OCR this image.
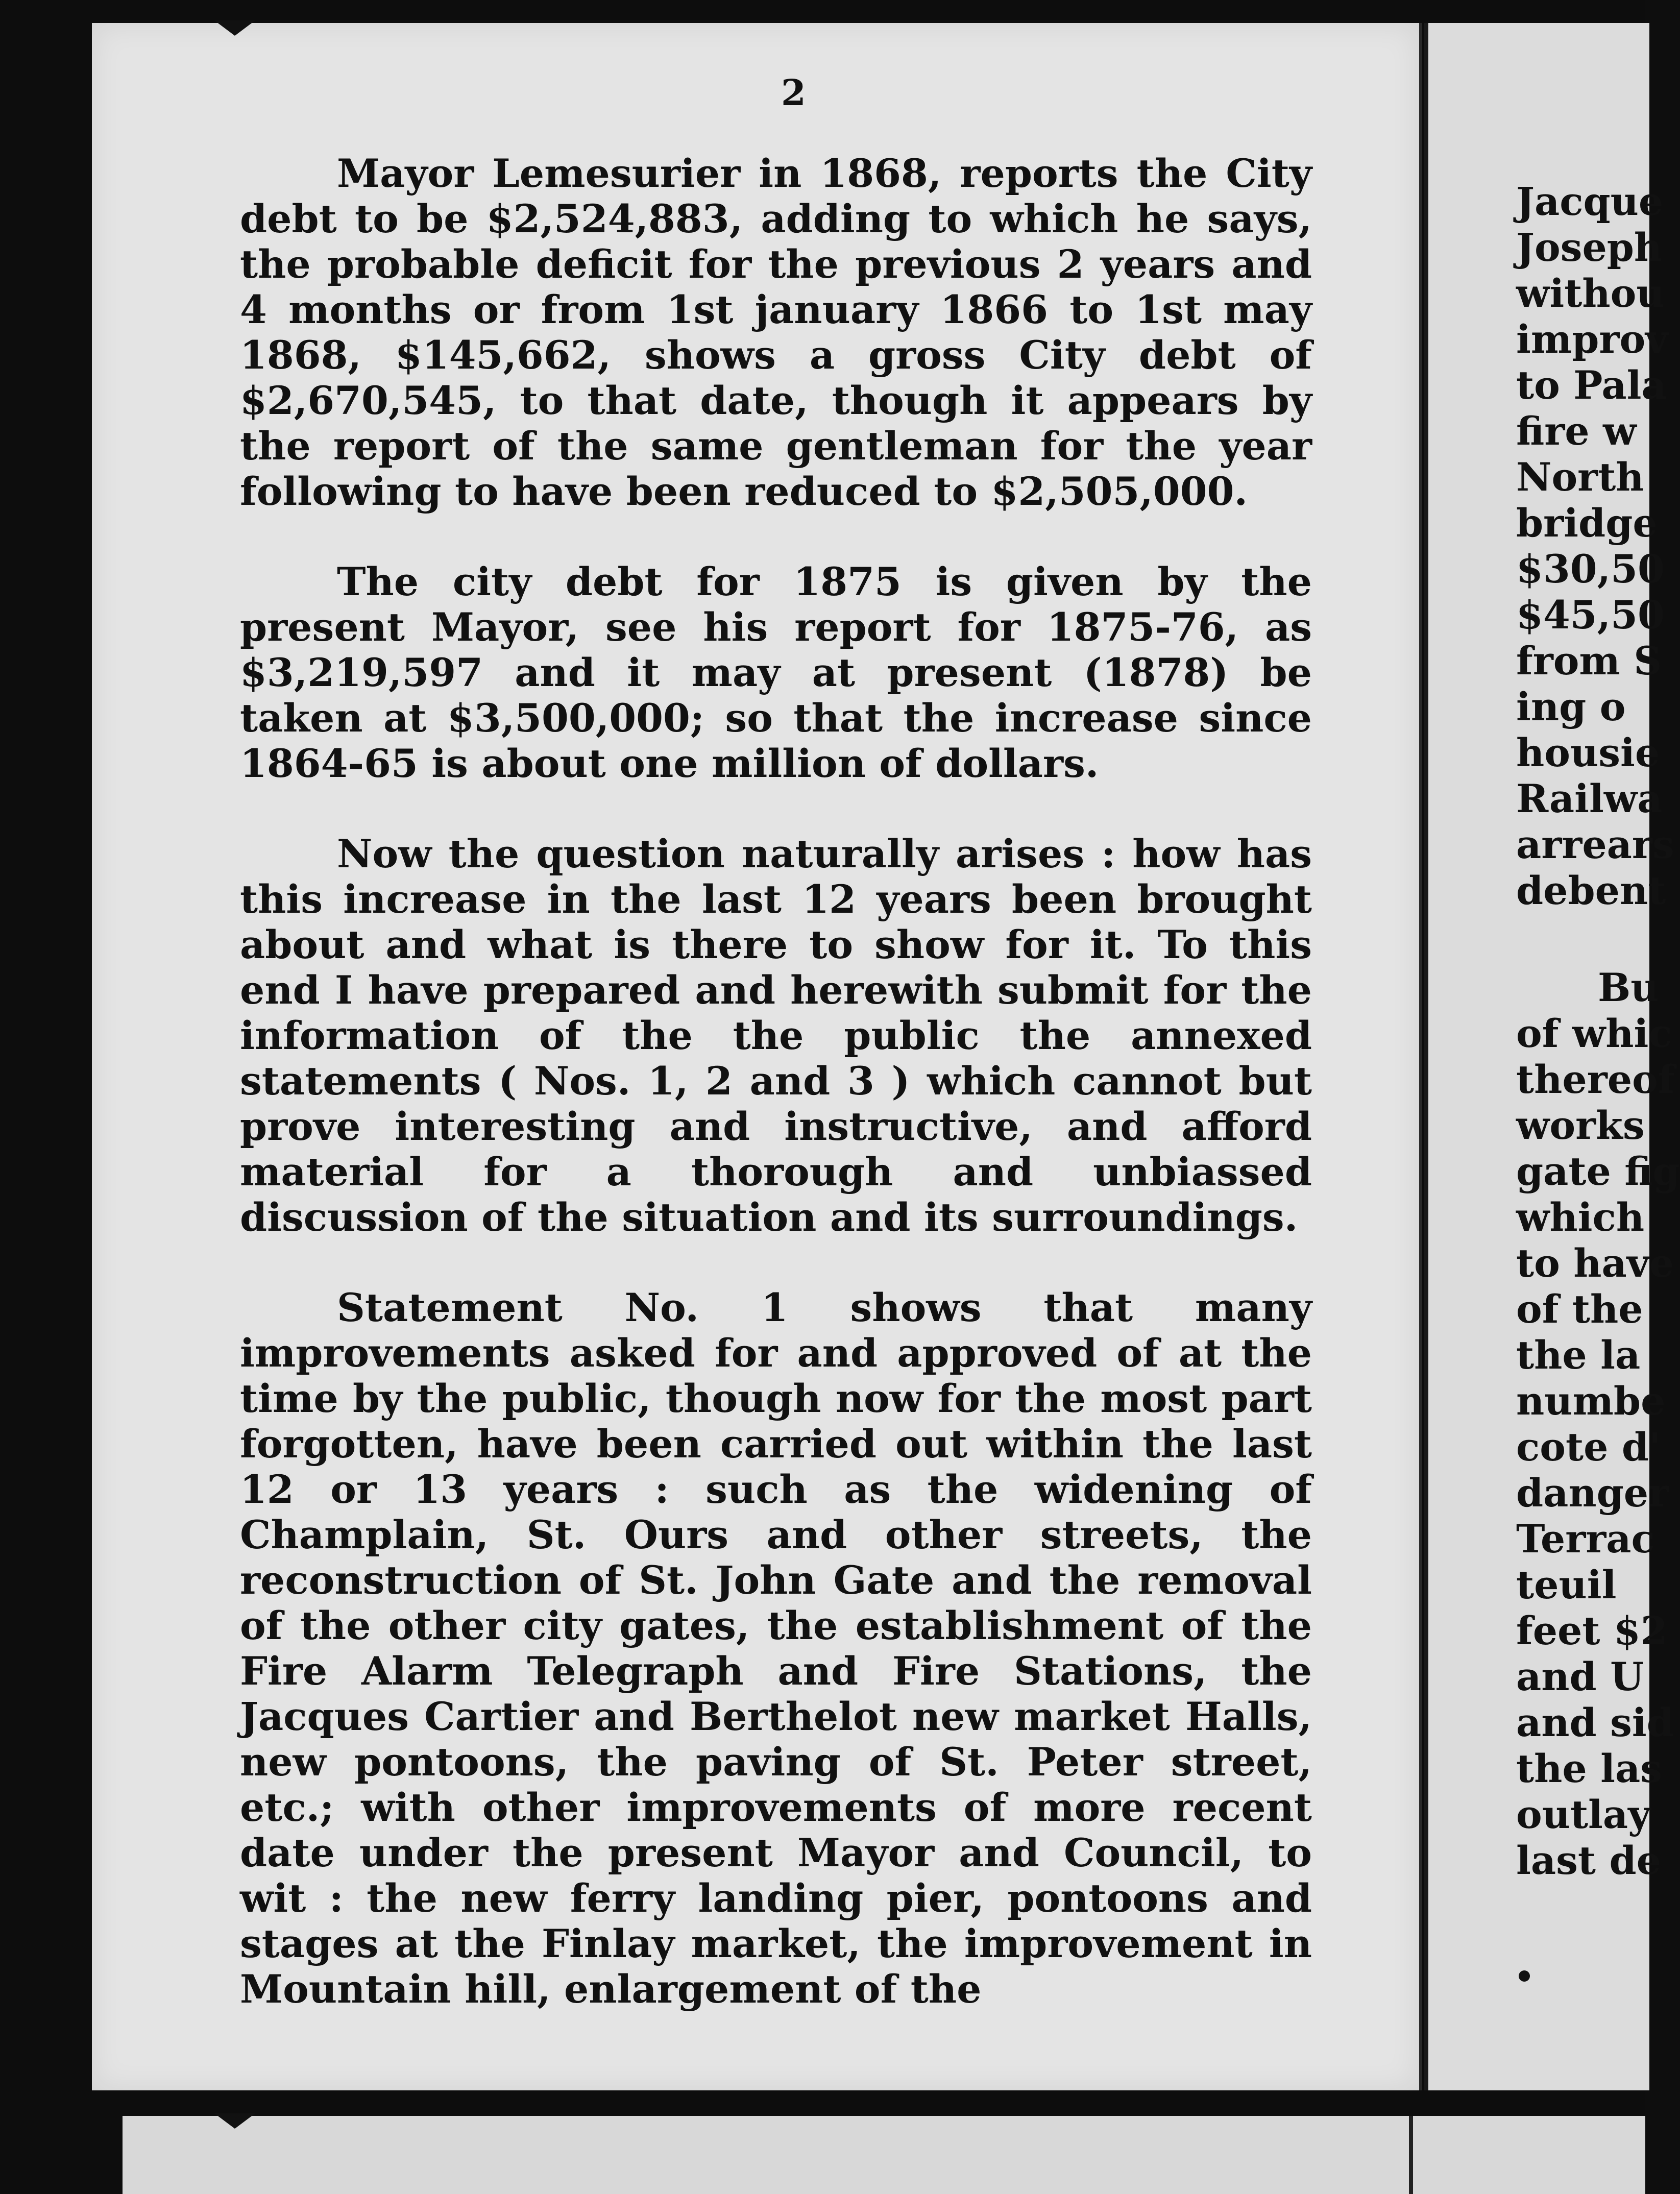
2

Mayor Lemesurier in 1868, reports the City debt to be $2,524,883, adding to which he says, the probable deficit for the previous 2 years and 4 months or from 1st january 1866 to 1st may 1868, $145,662, shows a gross City debt of $2,670,545, to that date, though it appears by the report of the same gentleman for the year following to have been reduced to $2,505,000.

The city debt for 1875 is given by the present Mayor, see his report for 1875-76, as $3,219,597 and it may at present (1878) be taken at $3,500,000; so that the increase since 1864-65 is about one million of dollars.

Now the question naturally arises : how has this increase in the last 12 years been brought about and what is there to show for it. To this end I have prepared and herewith submit for the information of the the public the annexed statements ( Nos. 1, 2 and 3 ) which cannot but prove interesting and instructive, and afford material for a thorough and unbiassed discussion of the situation and its surroundings.

Statement No. 1 shows that many improvements asked for and approved of at the time by the public, though now for the most part forgotten, have been carried out within the last 12 or 13 years : such as the widening of Champlain, St. Ours and other streets, the reconstruction of St. John Gate and the removal of the other city gates, the establishment of the Fire Alarm Telegraph and Fire Stations, the Jacques Cartier and Berthelot new market Halls, new pontoons, the paving of St. Peter street, etc.; with other improvements of more recent date under the present Mayor and Council, to wit : the new ferry landing pier, pontoons and stages at the Finlay market, the improvement in Mountain hill, enlargement of the

Jacque
Joseph
withou
improv
to Pala
fire w
North
bridge
$30,50
$45,50
from S
ing o
housie
Railwa
arrears
debent
Bu
of whic
thereof
works
gate fig
which
to have
of the
the la
numbe
cote d'
danger
Terrac
teuil
feet $2
and U
and sid
the las
outlay
last de
